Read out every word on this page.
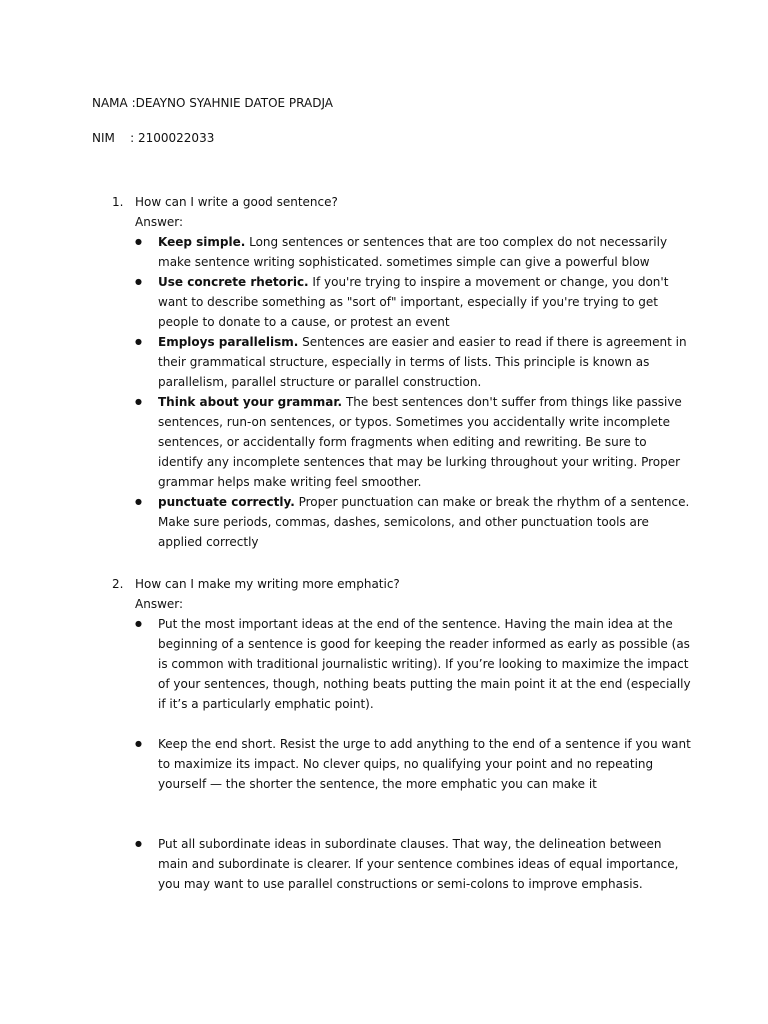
NAMA :DEAYNO SYAHNIE DATOE PRADJA
NIM    : 2100022033
1. How can I write a good sentence?
Answer:
● Keep simple. Long sentences or sentences that are too complex do not necessarily make sentence writing sophisticated. sometimes simple can give a powerful blow
● Use concrete rhetoric. If you're trying to inspire a movement or change, you don't want to describe something as "sort of" important, especially if you're trying to get people to donate to a cause, or protest an event
● Employs parallelism. Sentences are easier and easier to read if there is agreement in their grammatical structure, especially in terms of lists. This principle is known as parallelism, parallel structure or parallel construction.
● Think about your grammar. The best sentences don't suffer from things like passive sentences, run-on sentences, or typos. Sometimes you accidentally write incomplete sentences, or accidentally form fragments when editing and rewriting. Be sure to identify any incomplete sentences that may be lurking throughout your writing. Proper grammar helps make writing feel smoother.
● punctuate correctly. Proper punctuation can make or break the rhythm of a sentence. Make sure periods, commas, dashes, semicolons, and other punctuation tools are applied correctly
2. How can I make my writing more emphatic?
Answer:
● Put the most important ideas at the end of the sentence. Having the main idea at the beginning of a sentence is good for keeping the reader informed as early as possible (as is common with traditional journalistic writing). If you’re looking to maximize the impact of your sentences, though, nothing beats putting the main point it at the end (especially if it’s a particularly emphatic point).
● Keep the end short. Resist the urge to add anything to the end of a sentence if you want to maximize its impact. No clever quips, no qualifying your point and no repeating yourself — the shorter the sentence, the more emphatic you can make it
● Put all subordinate ideas in subordinate clauses. That way, the delineation between main and subordinate is clearer. If your sentence combines ideas of equal importance, you may want to use parallel constructions or semi-colons to improve emphasis.
